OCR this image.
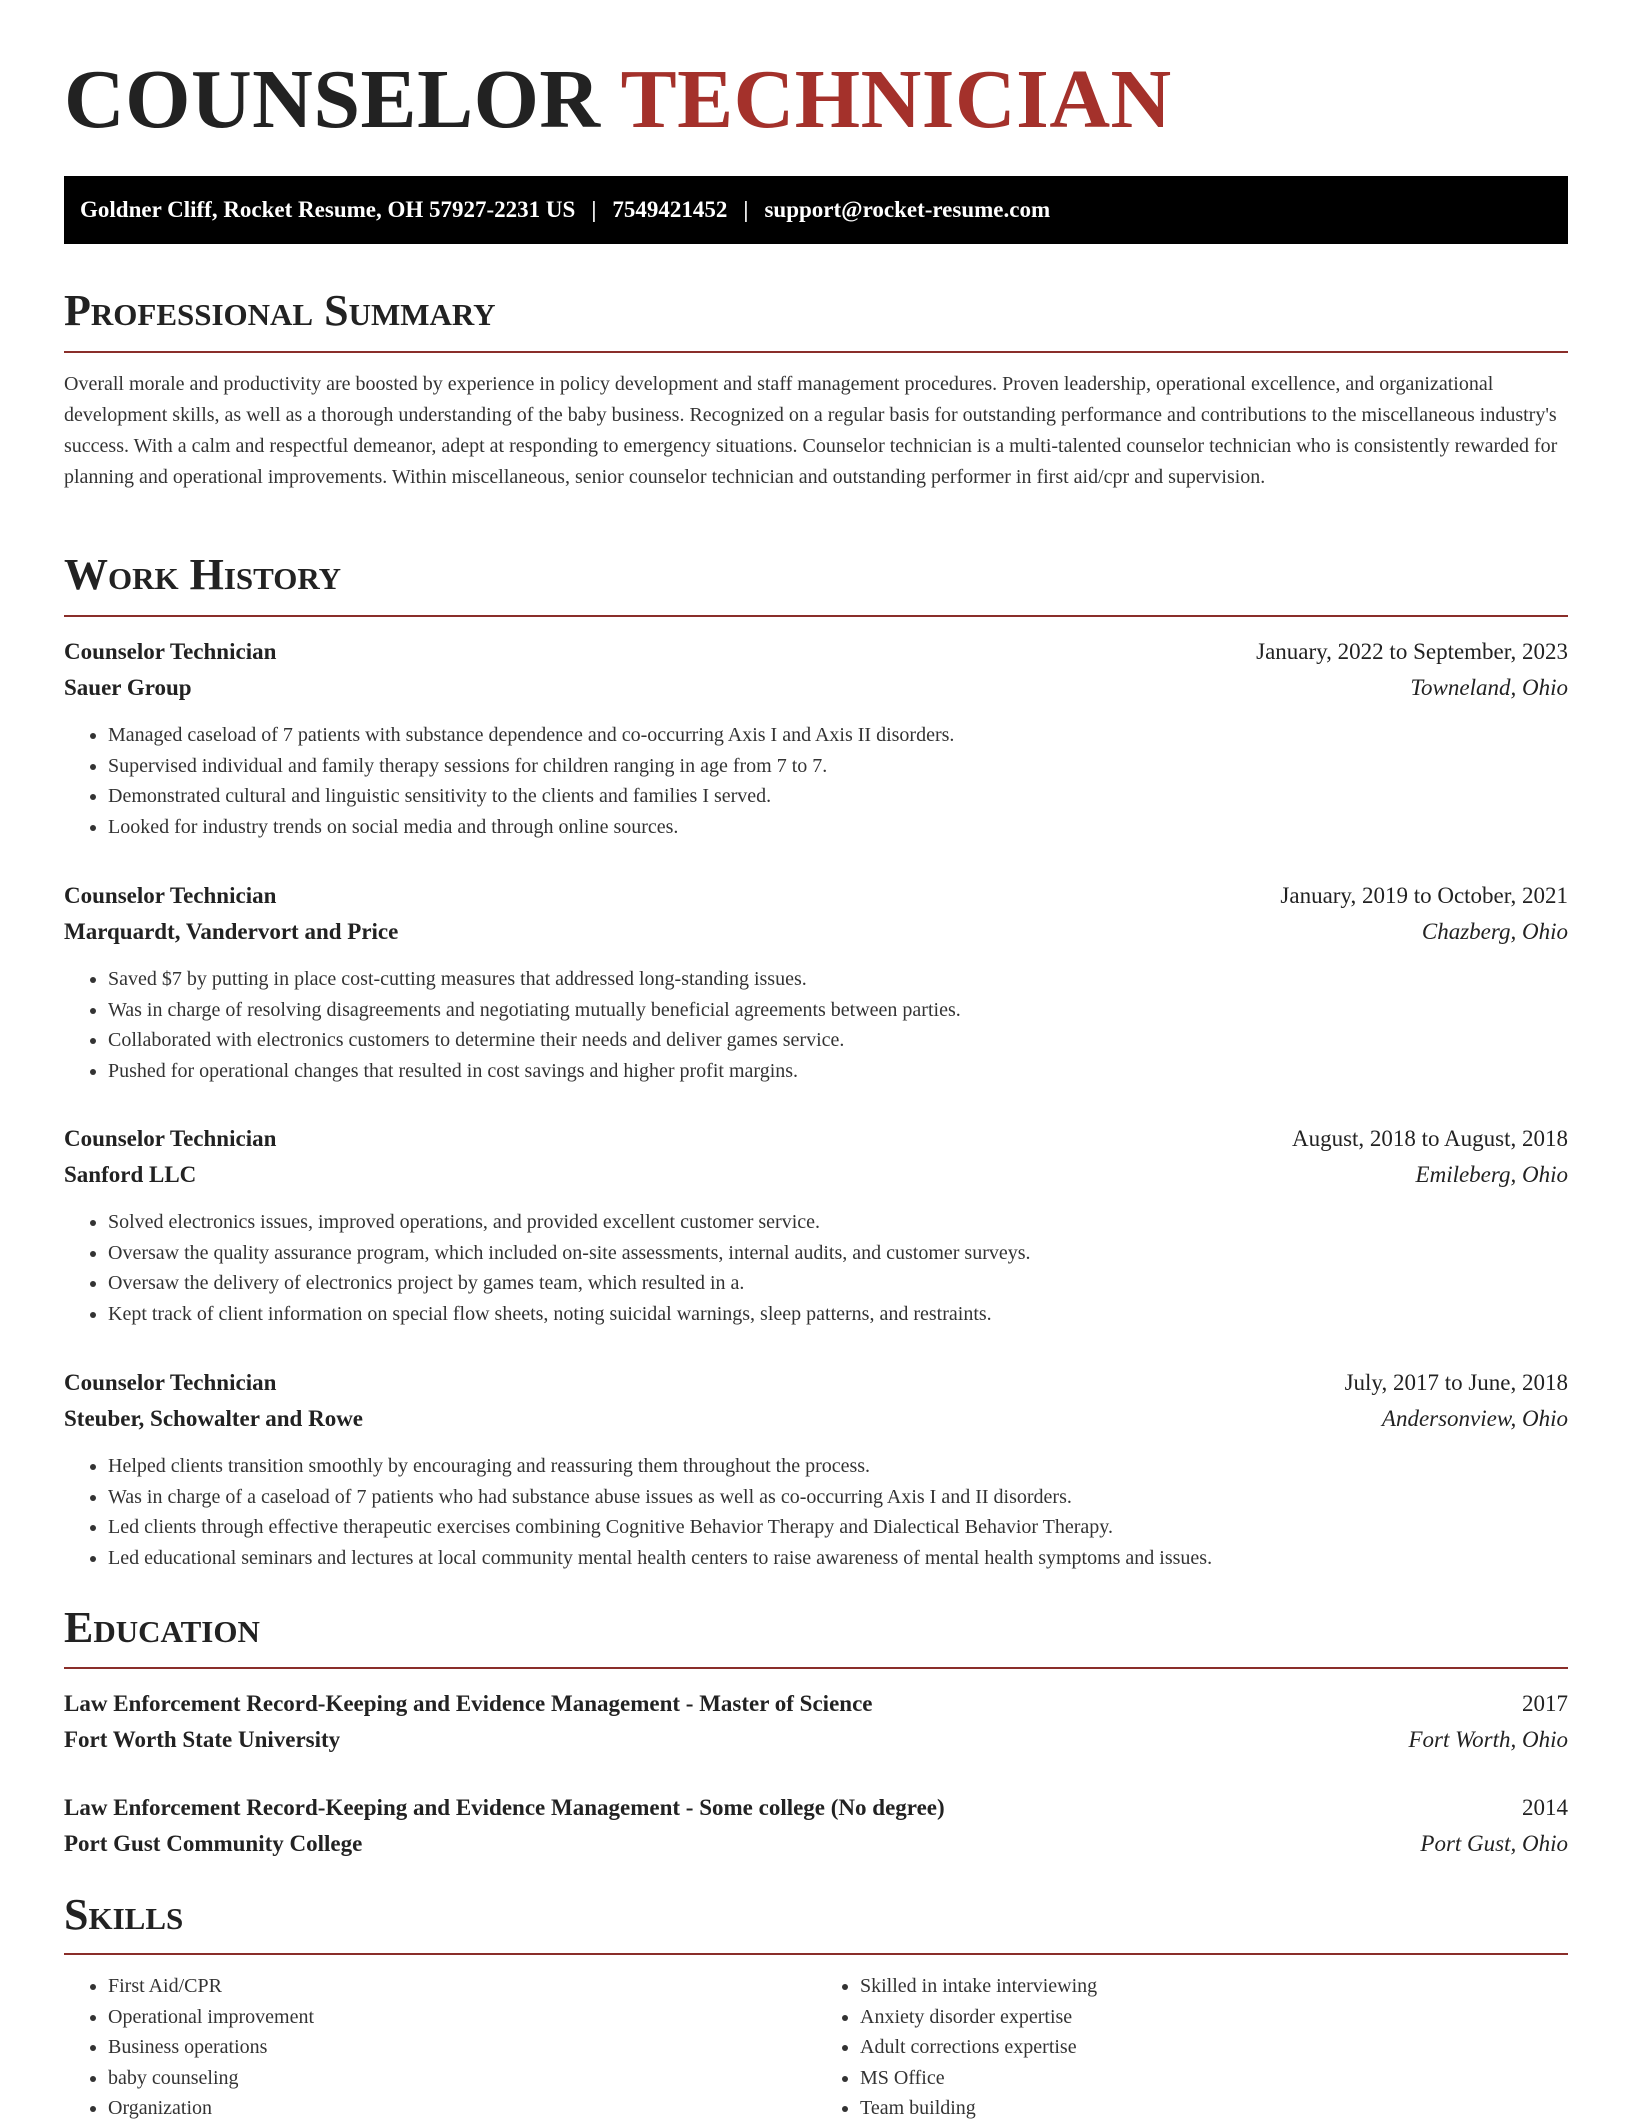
COUNSELOR TECHNICIAN
Goldner Cliff, Rocket Resume, OH 57927-2231 US | 7549421452 | support@rocket-resume.com
Professional Summary

Overall morale and productivity are boosted by experience in policy development and staff management procedures. Proven leadership, operational excellence, and organizational development skills, as well as a thorough understanding of the baby business. Recognized on a regular basis for outstanding performance and contributions to the miscellaneous industry's success. With a calm and respectful demeanor, adept at responding to emergency situations. Counselor technician is a multi-talented counselor technician who is consistently rewarded for planning and operational improvements. Within miscellaneous, senior counselor technician and outstanding performer in first aid/cpr and supervision.

Work History
Counselor Technician	January, 2022 to September, 2023
Sauer Group	Towneland, Ohio
• Managed caseload of 7 patients with substance dependence and co-occurring Axis I and Axis II disorders.
• Supervised individual and family therapy sessions for children ranging in age from 7 to 7.
• Demonstrated cultural and linguistic sensitivity to the clients and families I served.
• Looked for industry trends on social media and through online sources.
Counselor Technician	January, 2019 to October, 2021
Marquardt, Vandervort and Price	Chazberg, Ohio
• Saved $7 by putting in place cost-cutting measures that addressed long-standing issues.
• Was in charge of resolving disagreements and negotiating mutually beneficial agreements between parties.
• Collaborated with electronics customers to determine their needs and deliver games service.
• Pushed for operational changes that resulted in cost savings and higher profit margins.
Counselor Technician	August, 2018 to August, 2018
Sanford LLC	Emileberg, Ohio
• Solved electronics issues, improved operations, and provided excellent customer service.
• Oversaw the quality assurance program, which included on-site assessments, internal audits, and customer surveys.
• Oversaw the delivery of electronics project by games team, which resulted in a.
• Kept track of client information on special flow sheets, noting suicidal warnings, sleep patterns, and restraints.
Counselor Technician	July, 2017 to June, 2018
Steuber, Schowalter and Rowe	Andersonview, Ohio
• Helped clients transition smoothly by encouraging and reassuring them throughout the process.
• Was in charge of a caseload of 7 patients who had substance abuse issues as well as co-occurring Axis I and II disorders.
• Led clients through effective therapeutic exercises combining Cognitive Behavior Therapy and Dialectical Behavior Therapy.
• Led educational seminars and lectures at local community mental health centers to raise awareness of mental health symptoms and issues.
Education
Law Enforcement Record-Keeping and Evidence Management - Master of Science	2017
Fort Worth State University	Fort Worth, Ohio
Law Enforcement Record-Keeping and Evidence Management - Some college (No degree)	2014
Port Gust Community College	Port Gust, Ohio
Skills
• First Aid/CPR
• Operational improvement
• Business operations
• baby counseling
• Organization
• Skilled in intake interviewing
• Anxiety disorder expertise
• Adult corrections expertise
• MS Office
• Team building
